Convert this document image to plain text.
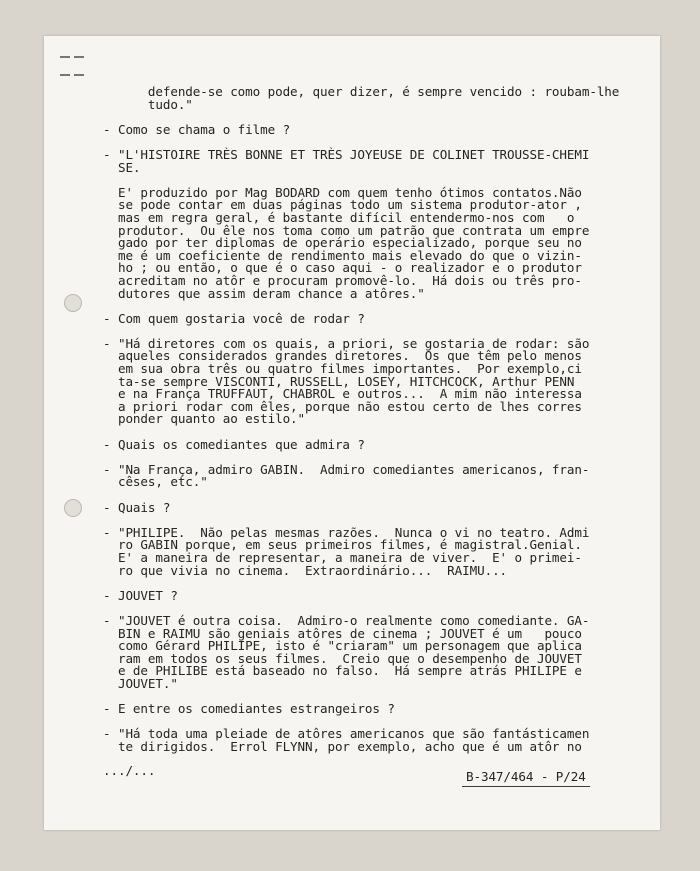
defende-se como pode, quer dizer, é sempre vencido : roubam-lhe
tudo."

- Como se chama o filme ?

- "L'HISTOIRE TRÈS BONNE ET TRÈS JOYEUSE DE COLINET TROUSSE-CHEMI
SE.

E' produzido por Mag BODARD com quem tenho ótimos contatos.Não
se pode contar em duas páginas todo um sistema produtor-ator ,
mas em regra geral, é bastante difícil entendermo-nos com   o
produtor.  Ou êle nos toma como um patrão que contrata um empre
gado por ter diplomas de operário especializado, porque seu no
me é um coeficiente de rendimento mais elevado do que o vizin-
ho ; ou então, o que é o caso aqui - o realizador e o produtor
acreditam no atôr e procuram promovê-lo.  Há dois ou três pro-
dutores que assim deram chance a atôres."

- Com quem gostaria você de rodar ?

- "Há diretores com os quais, a priori, se gostaria de rodar: são
aqueles considerados grandes diretores.  Os que têm pelo menos
em sua obra três ou quatro filmes importantes.  Por exemplo,ci
ta-se sempre VISCONTI, RUSSELL, LOSEY, HITCHCOCK, Arthur PENN
e na França TRUFFAUT, CHABROL e outros...  A mim não interessa
a priori rodar com êles, porque não estou certo de lhes corres
ponder quanto ao estilo."

- Quais os comediantes que admira ?

- "Na França, admiro GABIN.  Admiro comediantes americanos, fran-
cêses, etc."

- Quais ?

- "PHILIPE.  Não pelas mesmas razões.  Nunca o vi no teatro. Admi
ro GABIN porque, em seus primeiros filmes, é magistral.Genial.
E' a maneira de representar, a maneira de viver.  E' o primei-
ro que vivia no cinema.  Extraordinário...  RAIMU...

- JOUVET ?

- "JOUVET é outra coisa.  Admiro-o realmente como comediante. GA-
BIN e RAIMU são geniais atôres de cinema ; JOUVET é um   pouco
como Gérard PHILIPE, isto é "criaram" um personagem que aplica
ram em todos os seus filmes.  Creio que o desempenho de JOUVET
e de PHILIBE está baseado no falso.  Há sempre atrás PHILIPE e
JOUVET."

- E entre os comediantes estrangeiros ?

- "Há toda uma pleiade de atôres americanos que são fantásticamen
te dirigidos.  Errol FLYNN, por exemplo, acho que é um atôr no

.../...	B-347/464 - P/24
